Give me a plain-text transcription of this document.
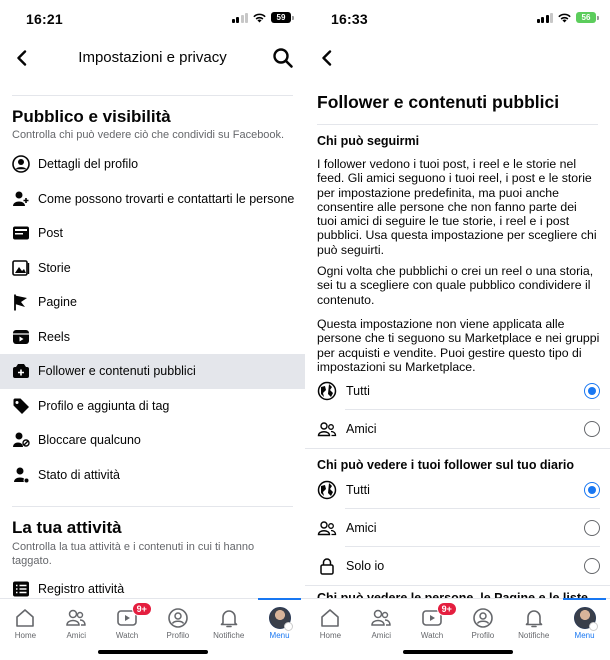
16:21	59
Impostazioni e privacy
Pubblico e visibilità
Controlla chi può vedere ciò che condividi su Facebook.
Dettagli del profilo
Come possono trovarti e contattarti le persone
Post
Storie
Pagine
Reels
Follower e contenuti pubblici
Profilo e aggiunta di tag
Bloccare qualcuno
Stato di attività
La tua attività
Controlla la tua attività e i contenuti in cui ti hanno taggato.
Registro attività
Home	Amici
9+
Watch	Profilo	Notifiche	Menu
16:33	56
Follower e contenuti pubblici
Chi può seguirmi
I follower vedono i tuoi post, i reel e le storie nel feed. Gli amici seguono i tuoi reel, i post e le storie per impostazione predefinita, ma puoi anche consentire alle persone che non fanno parte dei tuoi amici di seguire le tue storie, i reel e i post pubblici. Usa questa impostazione per scegliere chi può seguirti.
Ogni volta che pubblichi o crei un reel o una storia, sei tu a scegliere con quale pubblico condividere il contenuto.
Questa impostazione non viene applicata alle persone che ti seguono su Marketplace e nei gruppi per acquisti e vendite. Puoi gestire questo tipo di impostazioni su Marketplace.
Tutti
Amici
Chi può vedere i tuoi follower sul tuo diario
Tutti
Amici
Solo io
Home	Amici
9+
Watch	Profilo	Notifiche	Menu
